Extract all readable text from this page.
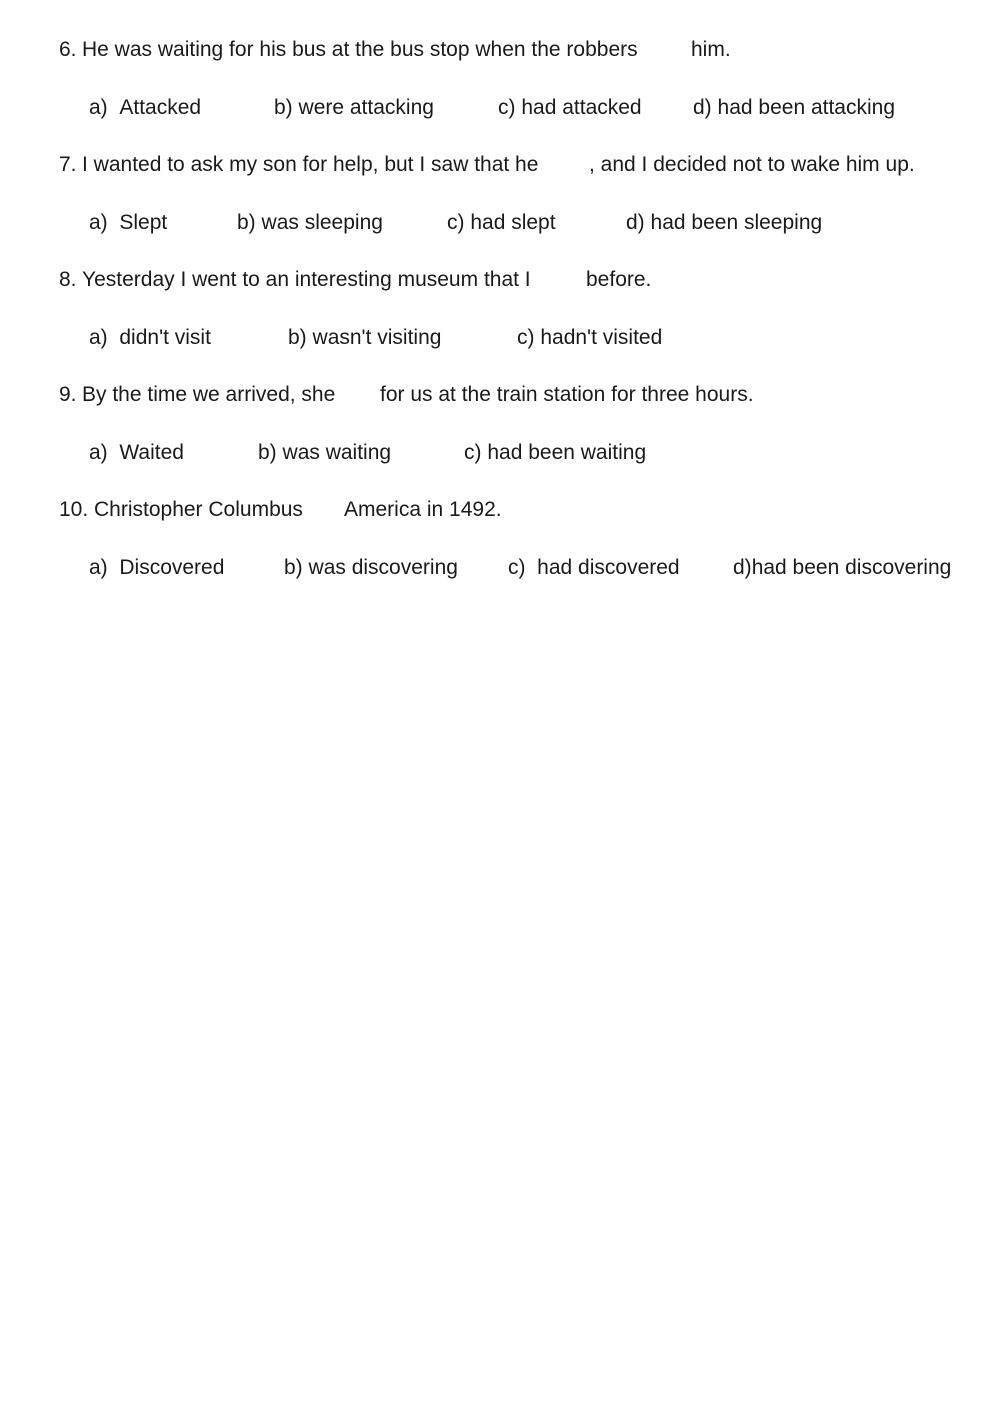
6. He was waiting for his bus at the bus stop when the robbers	him.
a) Attacked	b) were attacking	c) had attacked d) had been attacking
7. I wanted to ask my son for help, but I saw that he , and I decided not to wake him up.
a) Slept	b) was sleeping	c) had slept	d) had been sleeping
8. Yesterday I went to an interesting museum that I	before.
a) didn't visit	b) wasn't visiting	c) hadn't visited
9. By the time we arrived, she for us at the train station for three hours.
a) Waited	b) was waiting	c) had been waiting
10. Christopher Columbus America in 1492.
a) Discovered	b) was discovering c) had discovered	d)had been discovering
